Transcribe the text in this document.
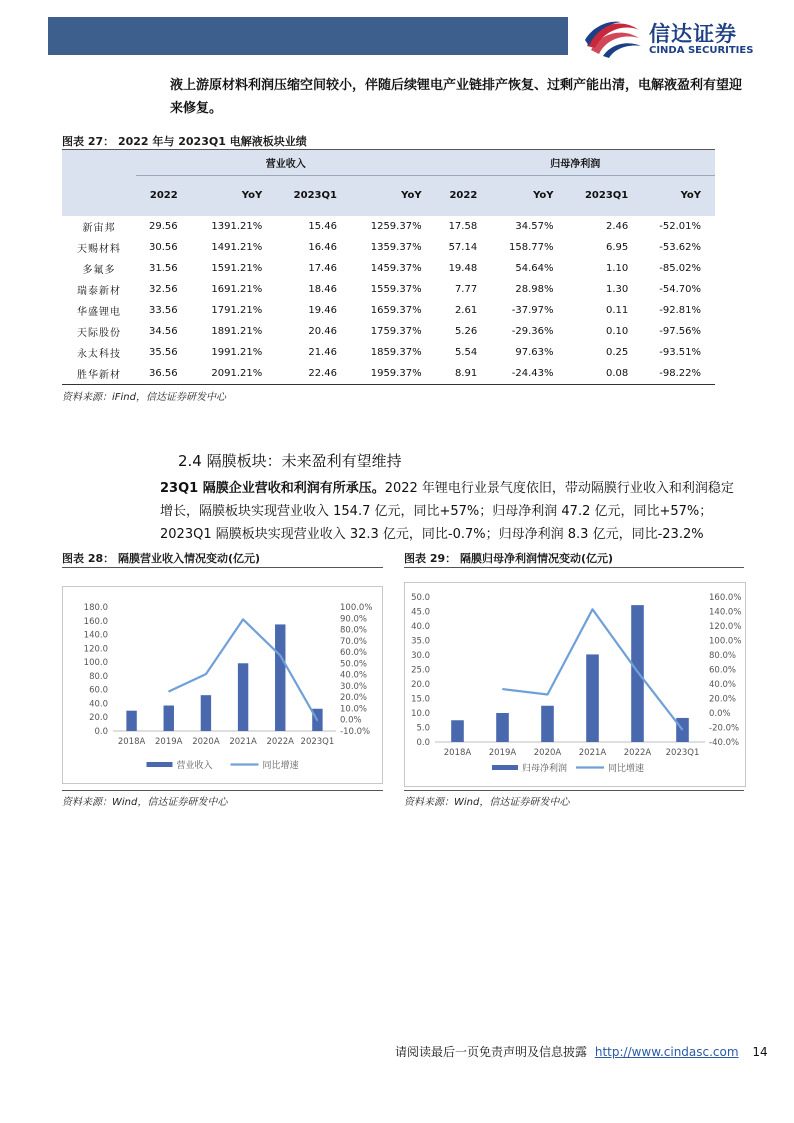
信达证券
CINDA SECURITIES
液上游原材料利润压缩空间较小，伴随后续锂电产业链排产恢复、过剩产能出清，电解液盈利有望迎来修复。
图表 27： 2022 年与 2023Q1 电解液板块业绩
	营业收入				归母净利润			
	2022	YoY	2023Q1	YoY	2022	YoY	2023Q1	YoY
新宙邦	29.56	1391.21%	15.46	1259.37%	17.58	34.57%	2.46	-52.01%
天赐材料	30.56	1491.21%	16.46	1359.37%	57.14	158.77%	6.95	-53.62%
多氟多	31.56	1591.21%	17.46	1459.37%	19.48	54.64%	1.10	-85.02%
瑞泰新材	32.56	1691.21%	18.46	1559.37%	7.77	28.98%	1.30	-54.70%
华盛锂电	33.56	1791.21%	19.46	1659.37%	2.61	-37.97%	0.11	-92.81%
天际股份	34.56	1891.21%	20.46	1759.37%	5.26	-29.36%	0.10	-97.56%
永太科技	35.56	1991.21%	21.46	1859.37%	5.54	97.63%	0.25	-93.51%
胜华新材	36.56	2091.21%	22.46	1959.37%	8.91	-24.43%	0.08	-98.22%
资料来源：iFind，信达证券研发中心
2.4 隔膜板块：未来盈利有望维持
23Q1 隔膜企业营收和利润有所承压。2022 年锂电行业景气度依旧，带动隔膜行业收入和利润稳定增长，隔膜板块实现营业收入 154.7 亿元，同比+57%；归母净利润 47.2 亿元，同比+57%；2023Q1 隔膜板块实现营业收入 32.3 亿元，同比-0.7%；归母净利润 8.3 亿元，同比-23.2%
图表 28： 隔膜营业收入情况变动(亿元)
0.0
20.0
40.0
60.0
80.0
100.0
120.0
140.0
160.0
180.0
-10.0%
0.0%
10.0%
20.0%
30.0%
40.0%
50.0%
60.0%
70.0%
80.0%
90.0%
100.0%
2018A 2019A 2020A 2021A 2022A 2023Q1
营业收入	同比增速
资料来源：Wind，信达证券研发中心
图表 29： 隔膜归母净利润情况变动(亿元)
0.0
5.0
10.0
15.0
20.0
25.0
30.0
35.0
40.0
45.0
50.0
-40.0%
-20.0%
0.0%
20.0%
40.0%
60.0%
80.0%
100.0%
120.0%
140.0%
160.0%
2018A 2019A 2020A 2021A 2022A 2023Q1
归母净利润	同比增速
资料来源：Wind，信达证券研发中心
请阅读最后一页免责声明及信息披露 http://www.cindasc.com 14
